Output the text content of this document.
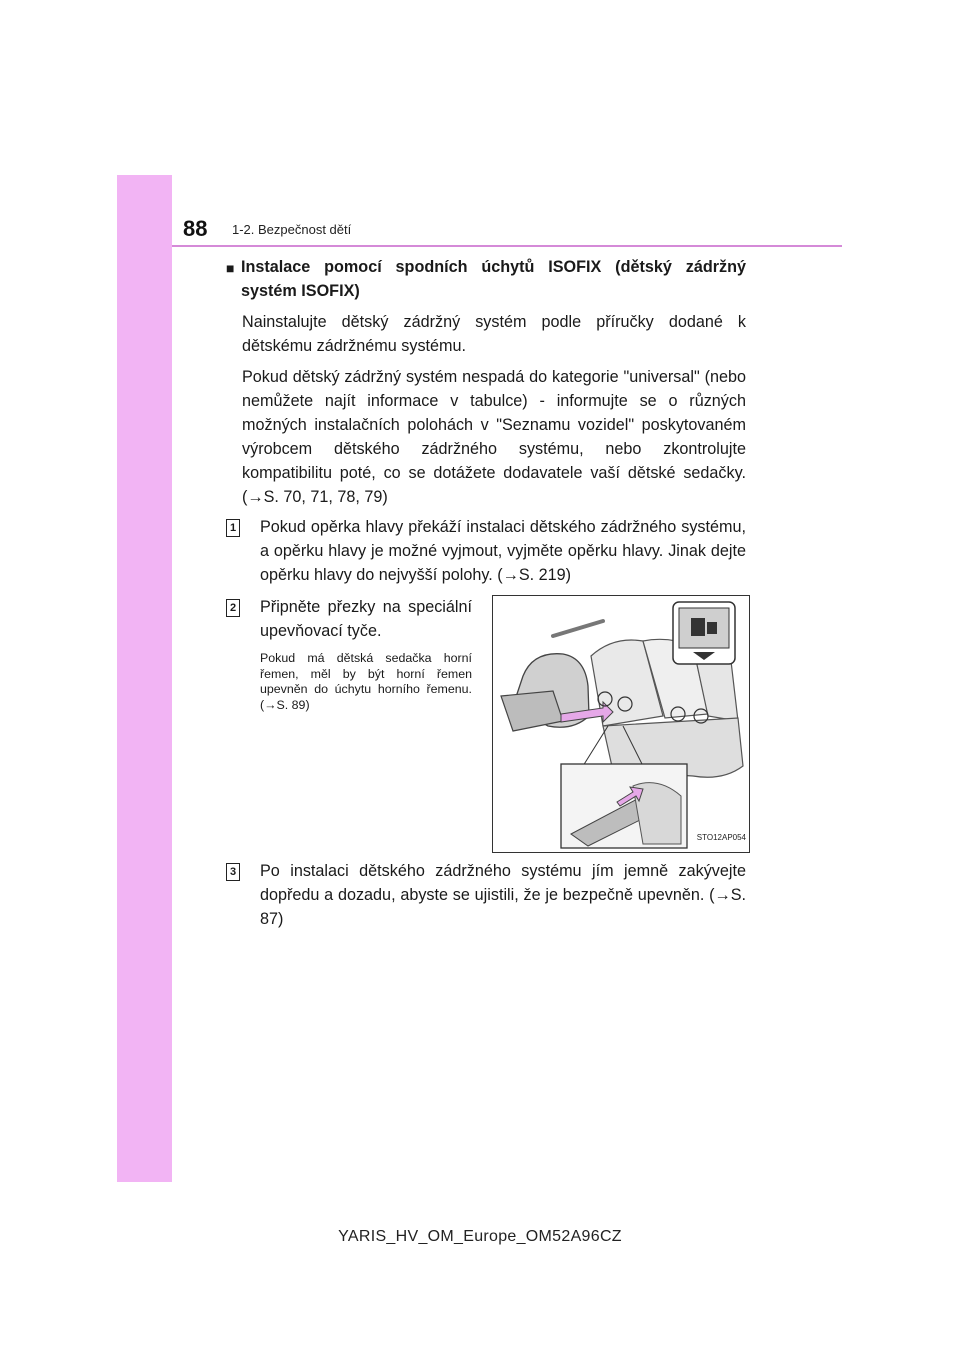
88 1-2. Bezpečnost dětí
■ Instalace pomocí spodních úchytů ISOFIX (dětský zádržný systém ISOFIX)
Nainstalujte dětský zádržný systém podle příručky dodané k dětskému zádržnému systému.
Pokud dětský zádržný systém nespadá do kategorie "universal" (nebo nemůžete najít informace v tabulce) - informujte se o různých možných instalačních polohách v "Seznamu vozidel" poskytovaném výrobcem dětského zádržného systému, nebo zkontrolujte kompatibilitu poté, co se dotážete dodavatele vaší dětské sedačky. (→S. 70, 71, 78, 79)
1 Pokud opěrka hlavy překáží instalaci dětského zádržného systému, a opěrku hlavy je možné vyjmout, vyjměte opěrku hlavy. Jinak dejte opěrku hlavy do nejvyšší polohy. (→S. 219)
2 Připněte přezky na speciální upevňovací tyče.
Pokud má dětská sedačka horní řemen, měl by být horní řemen upevněn do úchytu horního řemenu. (→S. 89)
STO12AP054
3 Po instalaci dětského zádržného systému jím jemně zakývejte dopředu a dozadu, abyste se ujistili, že je bezpečně upevněn. (→S. 87)
YARIS_HV_OM_Europe_OM52A96CZ
